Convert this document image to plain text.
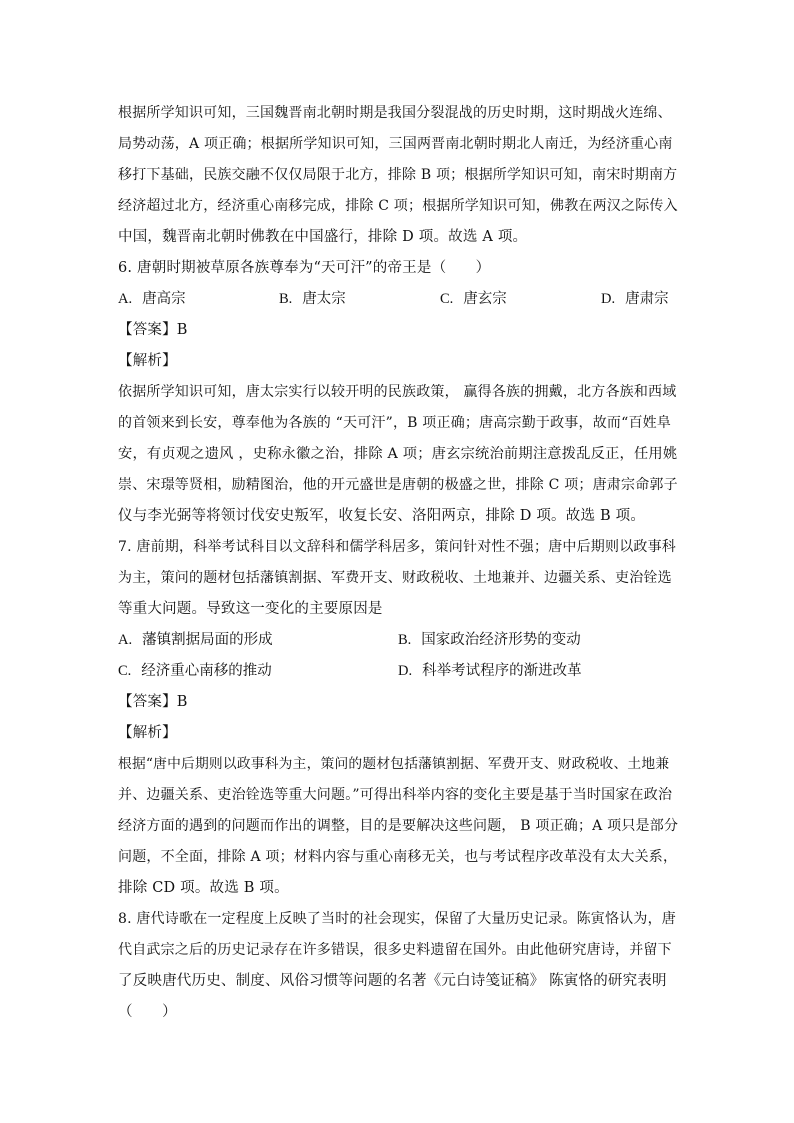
根据所学知识可知，三国魏晋南北朝时期是我国分裂混战的历史时期，这时期战火连绵、
局势动荡，A 项正确；根据所学知识可知，三国两晋南北朝时期北人南迁，为经济重心南
移打下基础，民族交融不仅仅局限于北方，排除 B 项；根据所学知识可知，南宋时期南方
经济超过北方，经济重心南移完成，排除 C 项；根据所学知识可知，佛教在两汉之际传入
中国，魏晋南北朝时佛教在中国盛行，排除 D 项。故选 A 项。
6. 唐朝时期被草原各族尊奉为“天可汗”的帝王是（　　）
A. 唐高宗	B. 唐太宗	C. 唐玄宗	D. 唐肃宗
【答案】B
【解析】
依据所学知识可知，唐太宗实行以较开明的民族政策， 赢得各族的拥戴，北方各族和西域
的首领来到长安，尊奉他为各族的 “天可汗”，B 项正确；唐高宗勤于政事，故而“百姓阜
安，有贞观之遗风 ，史称永徽之治，排除 A 项；唐玄宗统治前期注意拨乱反正，任用姚
崇、宋璟等贤相，励精图治，他的开元盛世是唐朝的极盛之世，排除 C 项；唐肃宗命郭子
仪与李光弼等将领讨伐安史叛军，收复长安、洛阳两京，排除 D 项。故选 B 项。
7. 唐前期，科举考试科目以文辞科和儒学科居多，策问针对性不强；唐中后期则以政事科
为主，策问的题材包括藩镇割据、军费开支、财政税收、土地兼并、边疆关系、吏治铨选
等重大问题。导致这一变化的主要原因是
A. 藩镇割据局面的形成	B. 国家政治经济形势的变动
C. 经济重心南移的推动	D. 科举考试程序的渐进改革
【答案】B
【解析】
根据“唐中后期则以政事科为主，策问的题材包括藩镇割据、军费开支、财政税收、土地兼
并、边疆关系、吏治铨选等重大问题。”可得出科举内容的变化主要是基于当时国家在政治
经济方面的遇到的问题而作出的调整，目的是要解决这些问题， B 项正确；A 项只是部分
问题，不全面，排除 A 项；材料内容与重心南移无关，也与考试程序改革没有太大关系，
排除 CD 项。故选 B 项。
8. 唐代诗歌在一定程度上反映了当时的社会现实，保留了大量历史记录。陈寅恪认为，唐
代自武宗之后的历史记录存在许多错误，很多史料遗留在国外。由此他研究唐诗，并留下
了反映唐代历史、制度、风俗习惯等问题的名著《元白诗笺证稿》 陈寅恪的研究表明
（　　）
